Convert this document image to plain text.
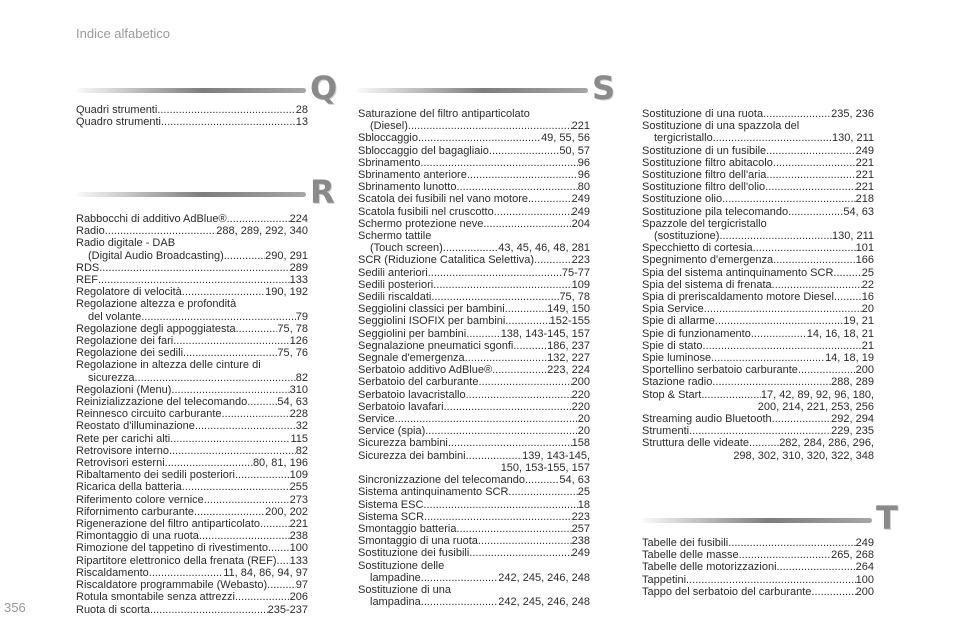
Indice alfabetico
Q
R
S
T
Quadri strumenti .....	28
Quadro strumenti .....	13
Rabbocchi di additivo AdBlue® .....	224
Radio .....	288, 289, 292, 340
Radio digitale - DAB
(Digital Audio Broadcasting) .....	290, 291
RDS .....	289
REF .....	133
Regolatore di velocità .....	190, 192
Regolazione altezza e profondità
del volante .....	79
Regolazione degli appoggiatesta .....	75, 78
Regolazione dei fari .....	126
Regolazione dei sedili .....	75, 76
Regolazione in altezza delle cinture di
sicurezza .....	82
Regolazioni (Menu) .....	310
Reinizializzazione del telecomando .....	54, 63
Reinnesco circuito carburante .....	228
Reostato d'illuminazione .....	32
Rete per carichi alti .....	115
Retrovisore interno .....	82
Retrovisori esterni .....	80, 81, 196
Ribaltamento dei sedili posteriori .....	109
Ricarica della batteria .....	255
Riferimento colore vernice .....	273
Rifornimento carburante .....	200, 202
Rigenerazione del filtro antiparticolato .....	221
Rimontaggio di una ruota .....	238
Rimozione del tappetino di rivestimento ..... 100
Ripartitore elettronico della frenata (REF) ..... 133
Riscaldamento .....	11, 84, 86, 94, 97
Riscaldatore programmabile (Webasto) .....	97
Rotula smontabile senza attrezzi .....	206
Ruota di scorta .....	235-237
Saturazione del filtro antiparticolato
(Diesel) .....	221
Sbloccaggio .....	49, 55, 56
Sbloccaggio del bagagliaio .....	50, 57
Sbrinamento .....	96
Sbrinamento anteriore .....	96
Sbrinamento lunotto .....	80
Scatola dei fusibili nel vano motore .....	249
Scatola fusibili nel cruscotto .....	249
Schermo protezione neve .....	204
Schermo tattile
(Touch screen) .....	43, 45, 46, 48, 281
SCR (Riduzione Catalitica Selettiva) .....	223
Sedili anteriori .....	75-77
Sedili posteriori .....	109
Sedili riscaldati .....	75, 78
Seggiolini classici per bambini .....	149, 150
Seggiolini ISOFIX per bambini .....	152-155
Seggiolini per bambini .....	138, 143-145, 157
Segnalazione pneumatici sgonfi .....	186, 237
Segnale d'emergenza .....	132, 227
Serbatoio additivo AdBlue® .....	223, 224
Serbatoio del carburante .....	200
Serbatoio lavacristallo .....	220
Serbatoio lavafari .....	220
Service .....	20
Service (spia) .....	20
Sicurezza bambini .....	158
Sicurezza dei bambini .....	139, 143-145,
150, 153-155, 157
Sincronizzazione del telecomando .....	54, 63
Sistema antinquinamento SCR .....	25
Sistema ESC .....	18
Sistema SCR .....	223
Smontaggio batteria .....	257
Smontaggio di una ruota .....	238
Sostituzione dei fusibili .....	249
Sostituzione delle
lampadine .....	242, 245, 246, 248
Sostituzione di una
lampadina .....	242, 245, 246, 248
Sostituzione di una ruota .....	235, 236
Sostituzione di una spazzola del
tergicristallo .....	130, 211
Sostituzione di un fusibile .....	249
Sostituzione filtro abitacolo .....	221
Sostituzione filtro dell'aria .....	221
Sostituzione filtro dell'olio .....	221
Sostituzione olio .....	218
Sostituzione pila telecomando .....	54, 63
Spazzole del tergicristallo
(sostituzione) .....	130, 211
Specchietto di cortesia .....	101
Spegnimento d'emergenza .....	166
Spia del sistema antinquinamento SCR .....	25
Spia del sistema di frenata .....	22
Spia di preriscaldamento motore Diesel .....	16
Spia Service .....	20
Spie di allarme .....	19, 21
Spie di funzionamento .....	14, 16, 18, 21
Spie di stato .....	21
Spie luminose .....	14, 18, 19
Sportellino serbatoio carburante .....	200
Stazione radio .....	288, 289
Stop & Start .....	17, 42, 89, 92, 96, 180,
200, 214, 221, 253, 256
Streaming audio Bluetooth .....	292, 294
Strumenti .....	229, 235
Struttura delle videate .....	282, 284, 286, 296,
298, 302, 310, 320, 322, 348
Tabelle dei fusibili .....	249
Tabelle delle masse .....	265, 268
Tabelle delle motorizzazioni .....	264
Tappetini .....	100
Tappo del serbatoio del carburante .....	200
356
